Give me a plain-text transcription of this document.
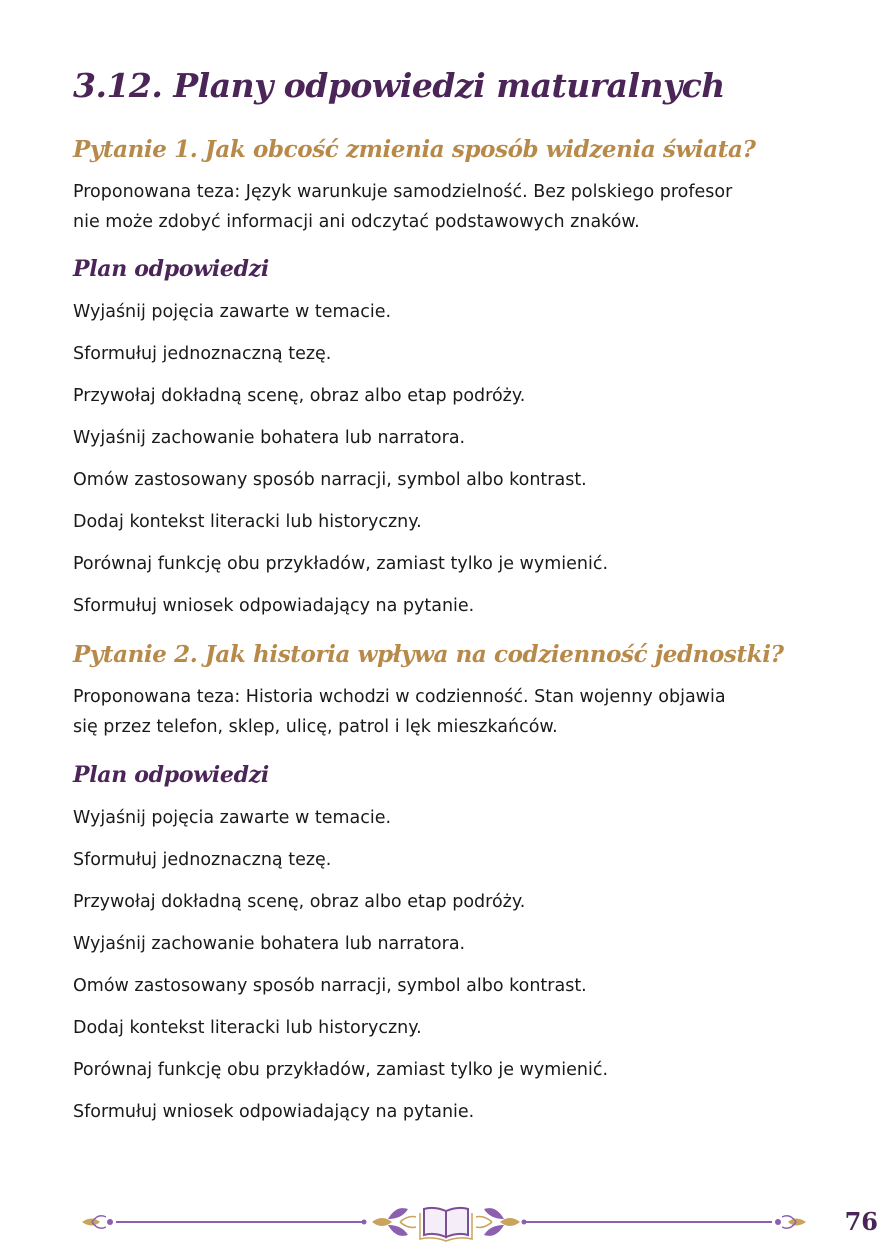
3.12. Plany odpowiedzi maturalnych
Pytanie 1. Jak obcość zmienia sposób widzenia świata?
Proponowana teza: Język warunkuje samodzielność. Bez polskiego profesor
nie może zdobyć informacji ani odczytać podstawowych znaków.
Plan odpowiedzi
Wyjaśnij pojęcia zawarte w temacie.
Sformułuj jednoznaczną tezę.
Przywołaj dokładną scenę, obraz albo etap podróży.
Wyjaśnij zachowanie bohatera lub narratora.
Omów zastosowany sposób narracji, symbol albo kontrast.
Dodaj kontekst literacki lub historyczny.
Porównaj funkcję obu przykładów, zamiast tylko je wymienić.
Sformułuj wniosek odpowiadający na pytanie.
Pytanie 2. Jak historia wpływa na codzienność jednostki?
Proponowana teza: Historia wchodzi w codzienność. Stan wojenny objawia
się przez telefon, sklep, ulicę, patrol i lęk mieszkańców.
Plan odpowiedzi
Wyjaśnij pojęcia zawarte w temacie.
Sformułuj jednoznaczną tezę.
Przywołaj dokładną scenę, obraz albo etap podróży.
Wyjaśnij zachowanie bohatera lub narratora.
Omów zastosowany sposób narracji, symbol albo kontrast.
Dodaj kontekst literacki lub historyczny.
Porównaj funkcję obu przykładów, zamiast tylko je wymienić.
Sformułuj wniosek odpowiadający na pytanie.
76
